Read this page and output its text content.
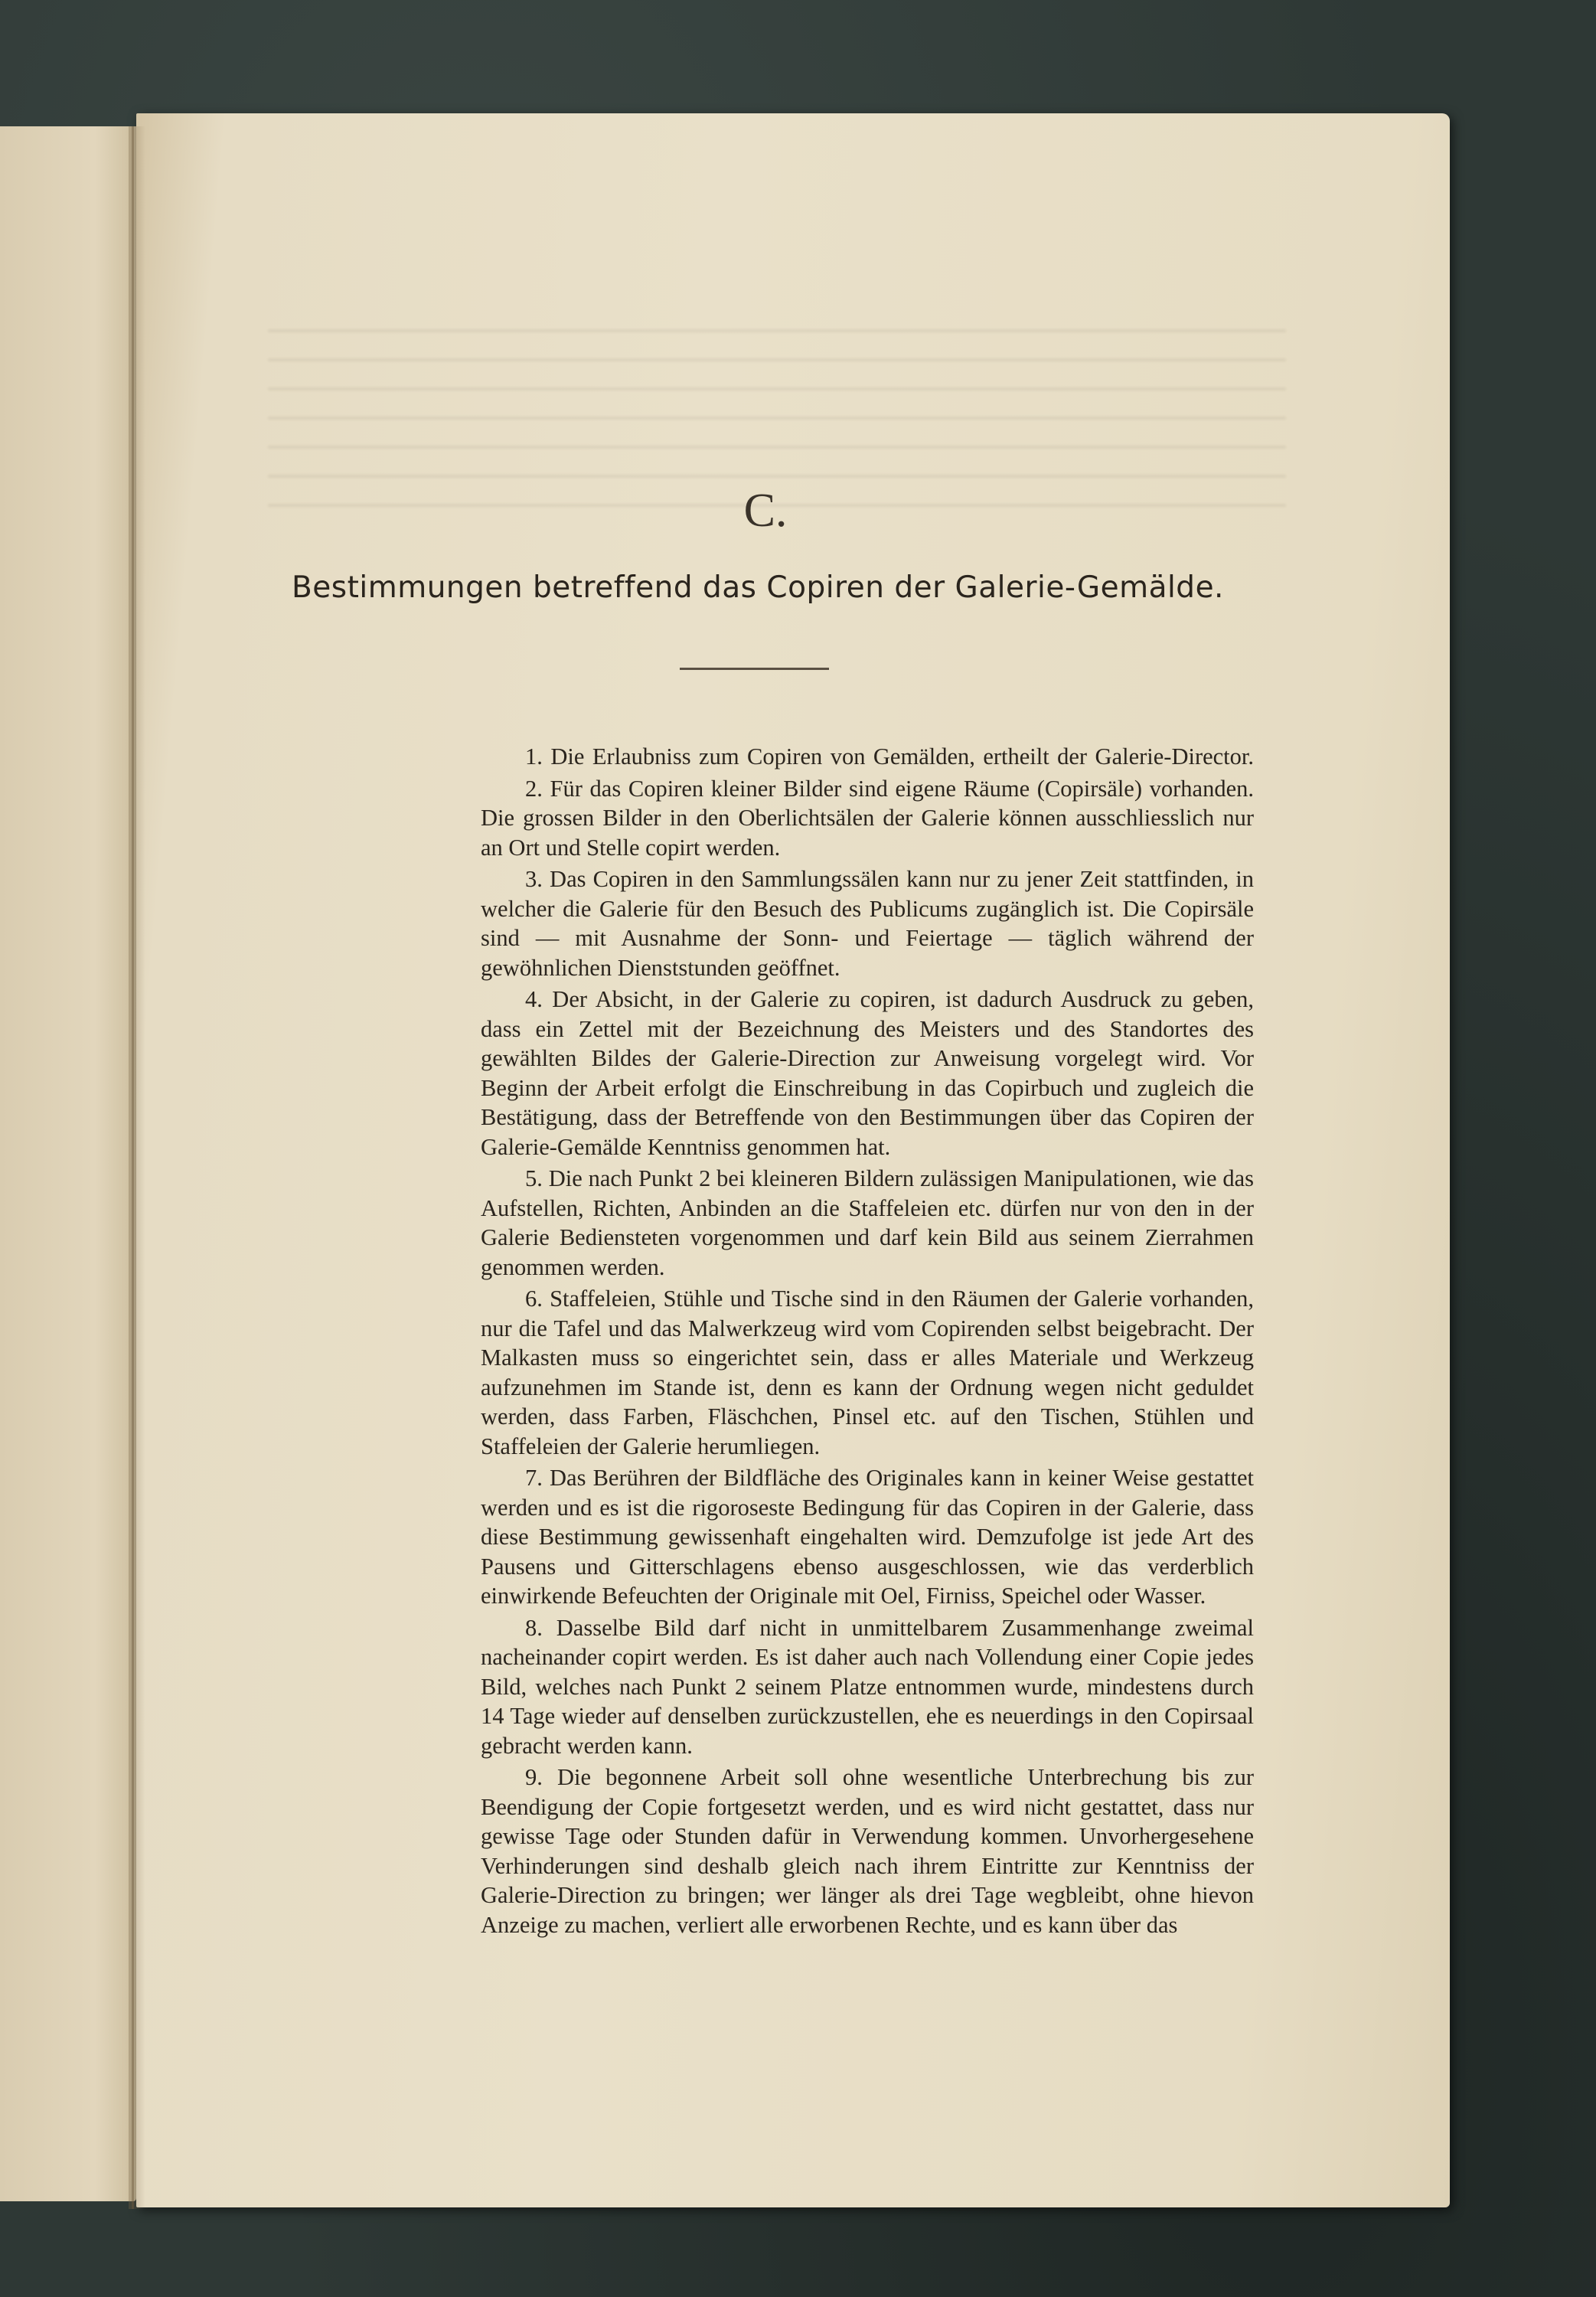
C.
Bestimmungen betreffend das Copiren der Galerie-Gemälde.

1. Die Erlaubniss zum Copiren von Gemälden, ertheilt der Galerie-Director.

2. Für das Copiren kleiner Bilder sind eigene Räume (Copirsäle) vorhanden. Die grossen Bilder in den Oberlichtsälen der Galerie können ausschliesslich nur an Ort und Stelle copirt werden.

3. Das Copiren in den Sammlungssälen kann nur zu jener Zeit stattfinden, in welcher die Galerie für den Besuch des Publicums zugänglich ist. Die Copirsäle sind — mit Ausnahme der Sonn- und Feiertage — täglich während der gewöhnlichen Dienststunden geöffnet.

4. Der Absicht, in der Galerie zu copiren, ist dadurch Ausdruck zu geben, dass ein Zettel mit der Bezeichnung des Meisters und des Standortes des gewählten Bildes der Galerie-Direction zur Anweisung vorgelegt wird. Vor Beginn der Arbeit erfolgt die Einschreibung in das Copirbuch und zugleich die Bestätigung, dass der Betreffende von den Bestimmungen über das Copiren der Galerie-Gemälde Kenntniss genommen hat.

5. Die nach Punkt 2 bei kleineren Bildern zulässigen Manipulationen, wie das Aufstellen, Richten, Anbinden an die Staffeleien etc. dürfen nur von den in der Galerie Bediensteten vorgenommen und darf kein Bild aus seinem Zierrahmen genommen werden.

6. Staffeleien, Stühle und Tische sind in den Räumen der Galerie vorhanden, nur die Tafel und das Malwerkzeug wird vom Copirenden selbst beigebracht. Der Malkasten muss so eingerichtet sein, dass er alles Materiale und Werkzeug aufzunehmen im Stande ist, denn es kann der Ordnung wegen nicht geduldet werden, dass Farben, Fläschchen, Pinsel etc. auf den Tischen, Stühlen und Staffeleien der Galerie herumliegen.

7. Das Berühren der Bildfläche des Originales kann in keiner Weise gestattet werden und es ist die rigoroseste Bedingung für das Copiren in der Galerie, dass diese Bestimmung gewissenhaft eingehalten wird. Demzufolge ist jede Art des Pausens und Gitterschlagens ebenso ausgeschlossen, wie das verderblich einwirkende Befeuchten der Originale mit Oel, Firniss, Speichel oder Wasser.

8. Dasselbe Bild darf nicht in unmittelbarem Zusammenhange zweimal nacheinander copirt werden. Es ist daher auch nach Vollendung einer Copie jedes Bild, welches nach Punkt 2 seinem Platze entnommen wurde, mindestens durch 14 Tage wieder auf denselben zurückzustellen, ehe es neuerdings in den Copirsaal gebracht werden kann.

9. Die begonnene Arbeit soll ohne wesentliche Unterbrechung bis zur Beendigung der Copie fortgesetzt werden, und es wird nicht gestattet, dass nur gewisse Tage oder Stunden dafür in Verwendung kommen. Unvorhergesehene Verhinderungen sind deshalb gleich nach ihrem Eintritte zur Kenntniss der Galerie-Direction zu bringen; wer länger als drei Tage wegbleibt, ohne hievon Anzeige zu machen, verliert alle erworbenen Rechte, und es kann über das
